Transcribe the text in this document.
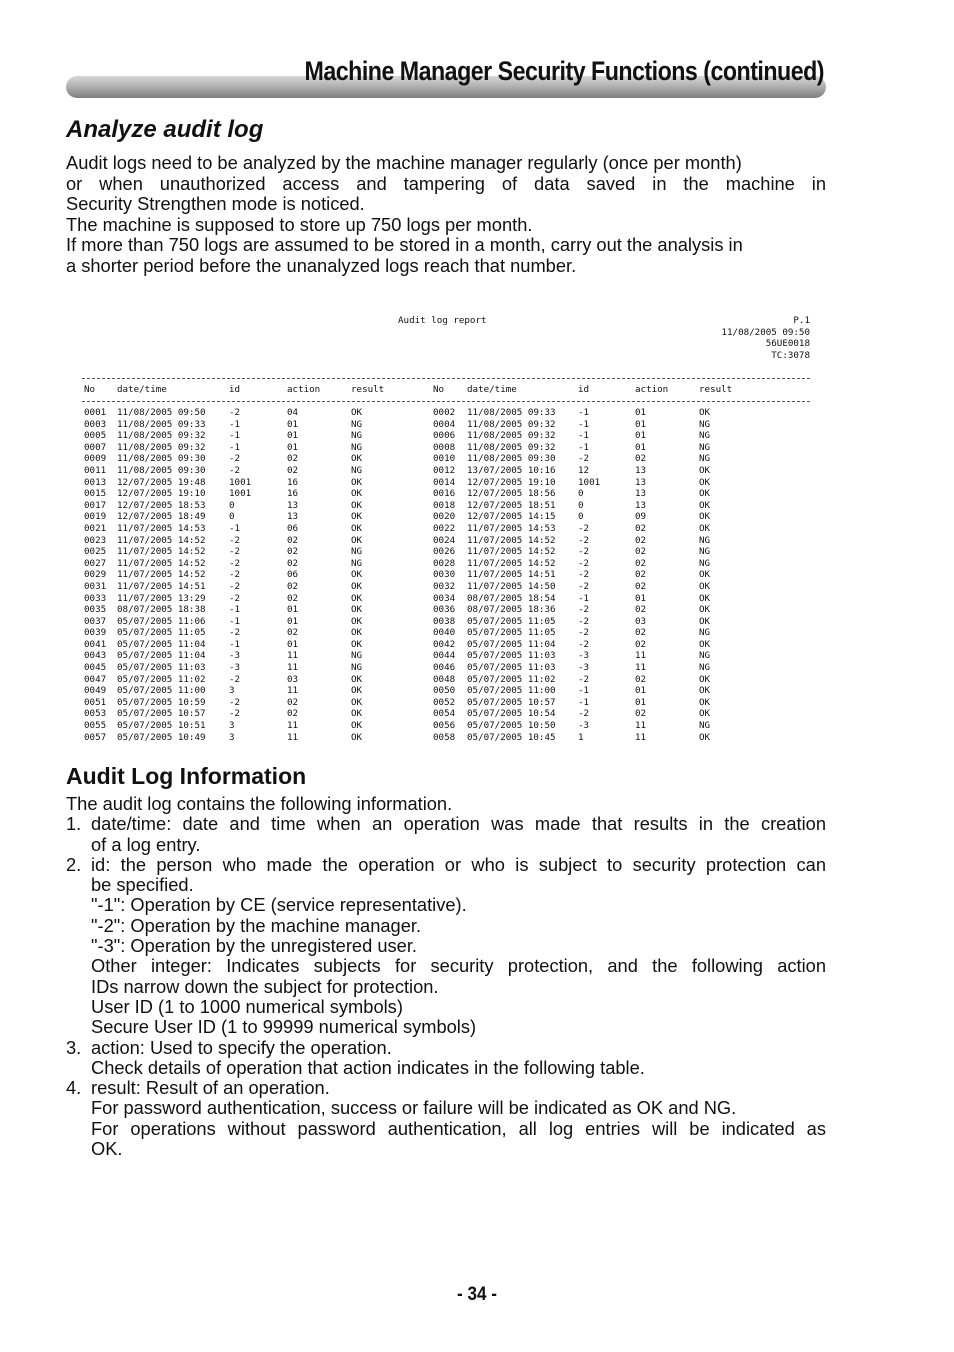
Machine Manager Security Functions (continued)
Analyze audit log
Audit logs need to be analyzed by the machine manager regularly (once per month)
or when unauthorized access and tampering of data saved in the machine in
Security Strengthen mode is noticed.
The machine is supposed to store up 750 logs per month.
If more than 750 logs are assumed to be stored in a month, carry out the analysis in
a shorter period before the unanalyzed logs reach that number.
Audit log report	P.1
11/08/2005 09:50
56UE0018
TC:3078
No date/time	id	action	result	No date/time	id	action	result
0001 11/08/2005 09:50	-2	04	OK	0002 11/08/2005 09:33 -1	01	OK
0003 11/08/2005 09:33	-1	01	NG	0004 11/08/2005 09:32 -1	01	NG
0005 11/08/2005 09:32	-1	01	NG	0006 11/08/2005 09:32 -1	01	NG
0007 11/08/2005 09:32	-1	01	NG	0008 11/08/2005 09:32 -1	01	NG
0009 11/08/2005 09:30	-2	02	OK	0010 11/08/2005 09:30 -2	02	NG
0011 11/08/2005 09:30	-2	02	NG	0012 13/07/2005 10:16 12	13	OK
0013 12/07/2005 19:48	1001	16	OK	0014 12/07/2005 19:10 1001	13	OK
0015 12/07/2005 19:10	1001	16	OK	0016 12/07/2005 18:56 0	13	OK
0017 12/07/2005 18:53	0	13	OK	0018 12/07/2005 18:51 0	13	OK
0019 12/07/2005 18:49	0	13	OK	0020 12/07/2005 14:15 0	09	OK
0021 11/07/2005 14:53	-1	06	OK	0022 11/07/2005 14:53 -2	02	OK
0023 11/07/2005 14:52	-2	02	OK	0024 11/07/2005 14:52 -2	02	NG
0025 11/07/2005 14:52	-2	02	NG	0026 11/07/2005 14:52 -2	02	NG
0027 11/07/2005 14:52	-2	02	NG	0028 11/07/2005 14:52 -2	02	NG
0029 11/07/2005 14:52	-2	06	OK	0030 11/07/2005 14:51 -2	02	OK
0031 11/07/2005 14:51	-2	02	OK	0032 11/07/2005 14:50 -2	02	OK
0033 11/07/2005 13:29	-2	02	OK	0034 08/07/2005 18:54 -1	01	OK
0035 08/07/2005 18:38	-1	01	OK	0036 08/07/2005 18:36 -2	02	OK
0037 05/07/2005 11:06	-1	01	OK	0038 05/07/2005 11:05 -2	03	OK
0039 05/07/2005 11:05	-2	02	OK	0040 05/07/2005 11:05 -2	02	NG
0041 05/07/2005 11:04	-1	01	OK	0042 05/07/2005 11:04 -2	02	OK
0043 05/07/2005 11:04	-3	11	NG	0044 05/07/2005 11:03 -3	11	NG
0045 05/07/2005 11:03	-3	11	NG	0046 05/07/2005 11:03 -3	11	NG
0047 05/07/2005 11:02	-2	03	OK	0048 05/07/2005 11:02 -2	02	OK
0049 05/07/2005 11:00	3	11	OK	0050 05/07/2005 11:00 -1	01	OK
0051 05/07/2005 10:59	-2	02	OK	0052 05/07/2005 10:57 -1	01	OK
0053 05/07/2005 10:57	-2	02	OK	0054 05/07/2005 10:54 -2	02	OK
0055 05/07/2005 10:51	3	11	OK	0056 05/07/2005 10:50 -3	11	NG
0057 05/07/2005 10:49	3	11	OK	0058 05/07/2005 10:45 1	11	OK
Audit Log Information
The audit log contains the following information.
1. date/time: date and time when an operation was made that results in the creation
of a log entry.
2. id: the person who made the operation or who is subject to security protection can
be specified.
"-1": Operation by CE (service representative).
"-2": Operation by the machine manager.
"-3": Operation by the unregistered user.
Other integer: Indicates subjects for security protection, and the following action
IDs narrow down the subject for protection.
User ID (1 to 1000 numerical symbols)
Secure User ID (1 to 99999 numerical symbols)
3. action: Used to specify the operation.
Check details of operation that action indicates in the following table.
4. result: Result of an operation.
For password authentication, success or failure will be indicated as OK and NG.
For operations without password authentication, all log entries will be indicated as
OK.
- 34 -
